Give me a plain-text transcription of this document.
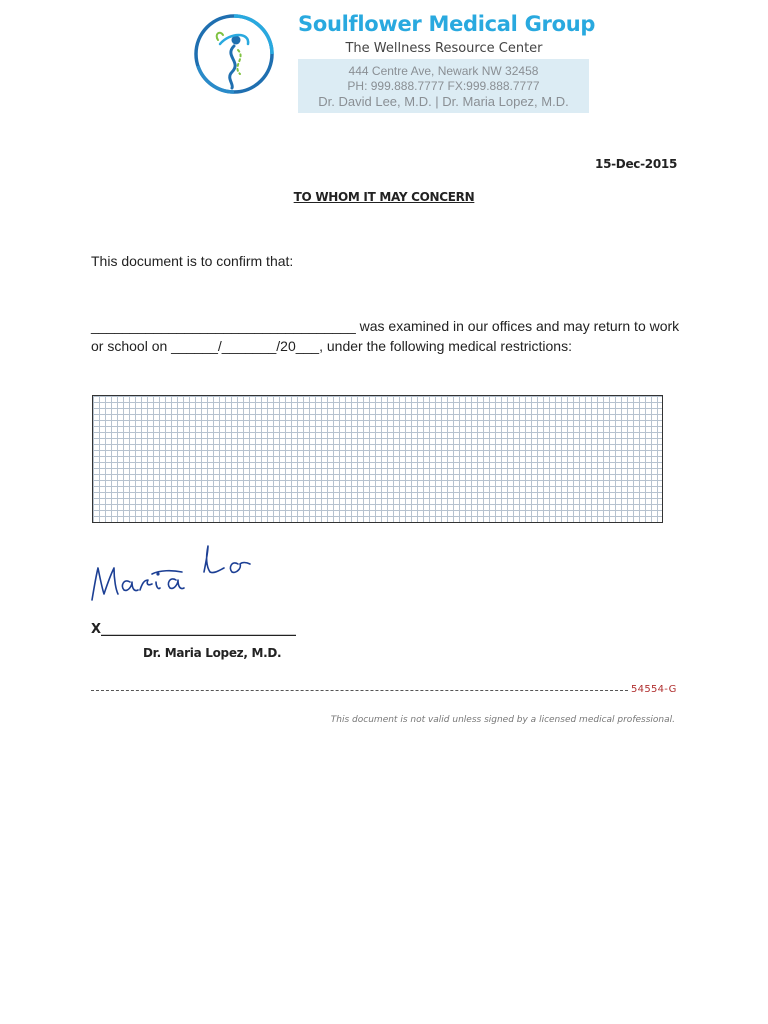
Soulflower Medical Group
The Wellness Resource Center
444 Centre Ave, Newark NW 32458
PH: 999.888.7777 FX:999.888.7777
Dr. David Lee, M.D. | Dr. Maria Lopez, M.D.
15-Dec-2015
TO WHOM IT MAY CONCERN
This document is to confirm that:
__________________________________ was examined in our offices and may return to work
or school on ______/_______/20___, under the following medical restrictions:
X______________________________
Dr. Maria Lopez, M.D.
54554-G
This document is not valid unless signed by a licensed medical professional.
